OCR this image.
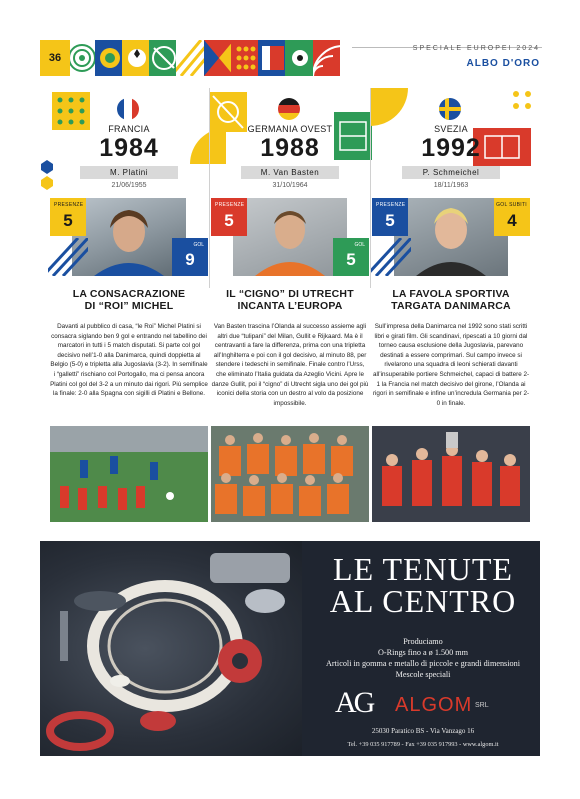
36
SPECIALE EUROPEI 2024
ALBO D'ORO
FRANCIA
1984
M. Platini
21/06/1955
PRESENZE
5
GOL
9
LA CONSACRAZIONE
DI “ROI” MICHEL
Davanti al pubblico di casa, “le Roi” Michel Platini si consacra siglando ben 9 gol e entrando nel tabellino dei marcatori in tutti i 5 match disputati. Si parte col gol decisivo nell’1-0 alla Danimarca, quindi doppietta al Belgio (5-0) e tripletta alla Jugoslavia (3-2). In semifinale i “galletti” rischiano col Portogallo, ma ci pensa ancora Platini col gol del 3-2 a un minuto dai rigori. Più semplice la finale: 2-0 alla Spagna con sigilli di Platini e Bellone.
GERMANIA OVEST
1988
M. Van Basten
31/10/1964
PRESENZE
5
GOL
5
IL “CIGNO” DI UTRECHT
INCANTA L’EUROPA
Van Basten trascina l’Olanda al successo assieme agli altri due “tulipani” del Milan, Gullit e Rijkaard. Ma è il centravanti a fare la differenza, prima con una tripletta all’Inghilterra e poi con il gol decisivo, al minuto 88, per stendere i tedeschi in semifinale. Finale contro l’Urss, che eliminato l’Italia guidata da Azeglio Vicini. Apre le danze Gullit, poi il “cigno” di Utrecht sigla uno dei gol più iconici della storia con un destro al volo da posizione impossibile.
SVEZIA
1992
P. Schmeichel
18/11/1963
PRESENZE
5
GOL SUBITI
4
LA FAVOLA SPORTIVA
TARGATA DANIMARCA
Sull’impresa della Danimarca nel 1992 sono stati scritti libri e girati film. Gli scandinavi, ripescati a 10 giorni dal torneo causa esclusione della Jugoslavia, parevano destinati a essere comprimari. Sul campo invece si rivelarono una squadra di leoni schierati davanti all’insuperabile portiere Schmeichel, capaci di battere 2-1 la Francia nel match decisivo del girone, l’Olanda ai rigori in semifinale e infine un’incredula Germania per 2-0 in finale.
LE TENUTE
AL CENTRO
Produciamo
O-Rings fino a ø 1.500 mm
Articoli in gomma e metallo di piccole e grandi dimensioni
Mescole speciali
AG ALGOM SRL
25030 Paratico BS - Via Vanzago 16
Tel. +39 035 917789 - Fax +39 035 917993 - www.algom.it
